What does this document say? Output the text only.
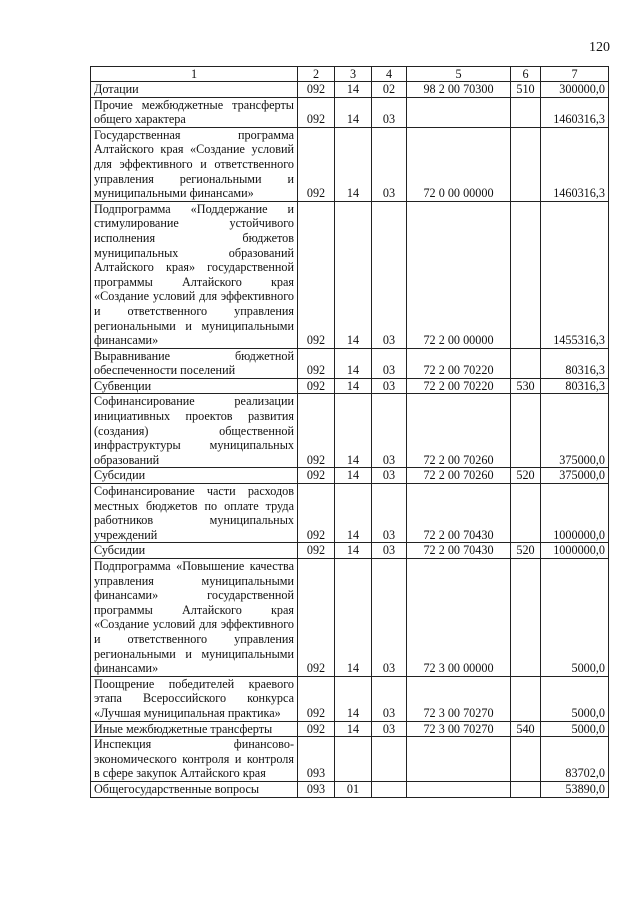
120
1	2	3	4	5	6	7
Дотации	092	14	02	98 2 00 70300	510	300000,0
Прочие межбюджетные трансферты общего характера	092	14	03			1460316,3
Государственная программа Алтайского края «Создание условий для эффективного и ответственного управления региональными и муниципальными финансами»	092	14	03	72 0 00 00000		1460316,3
Подпрограмма «Поддержание и стимулирование устойчивого исполнения бюджетов муниципальных образований Алтайского края» государственной программы Алтайского края «Создание условий для эффективного и ответственного управления региональными и муниципальными финансами»	092	14	03	72 2 00 00000		1455316,3
Выравнивание бюджетной обеспеченности поселений	092	14	03	72 2 00 70220		80316,3
Субвенции	092	14	03	72 2 00 70220	530	80316,3
Софинансирование реализации инициативных проектов развития (создания) общественной инфраструктуры муниципальных образований	092	14	03	72 2 00 70260		375000,0
Субсидии	092	14	03	72 2 00 70260	520	375000,0
Софинансирование части расходов местных бюджетов по оплате труда работников муниципальных учреждений	092	14	03	72 2 00 70430		1000000,0
Субсидии	092	14	03	72 2 00 70430	520	1000000,0
Подпрограмма «Повышение качества управления муниципальными финансами» государственной программы Алтайского края «Создание условий для эффективного и ответственного управления региональными и муниципальными финансами»	092	14	03	72 3 00 00000		5000,0
Поощрение победителей краевого этапа Всероссийского конкурса «Лучшая муниципальная практика»	092	14	03	72 3 00 70270		5000,0
Иные межбюджетные трансферты	092	14	03	72 3 00 70270	540	5000,0
Инспекция финансово-экономического контроля и контроля в сфере закупок Алтайского края	093					83702,0
Общегосударственные вопросы	093	01				53890,0
